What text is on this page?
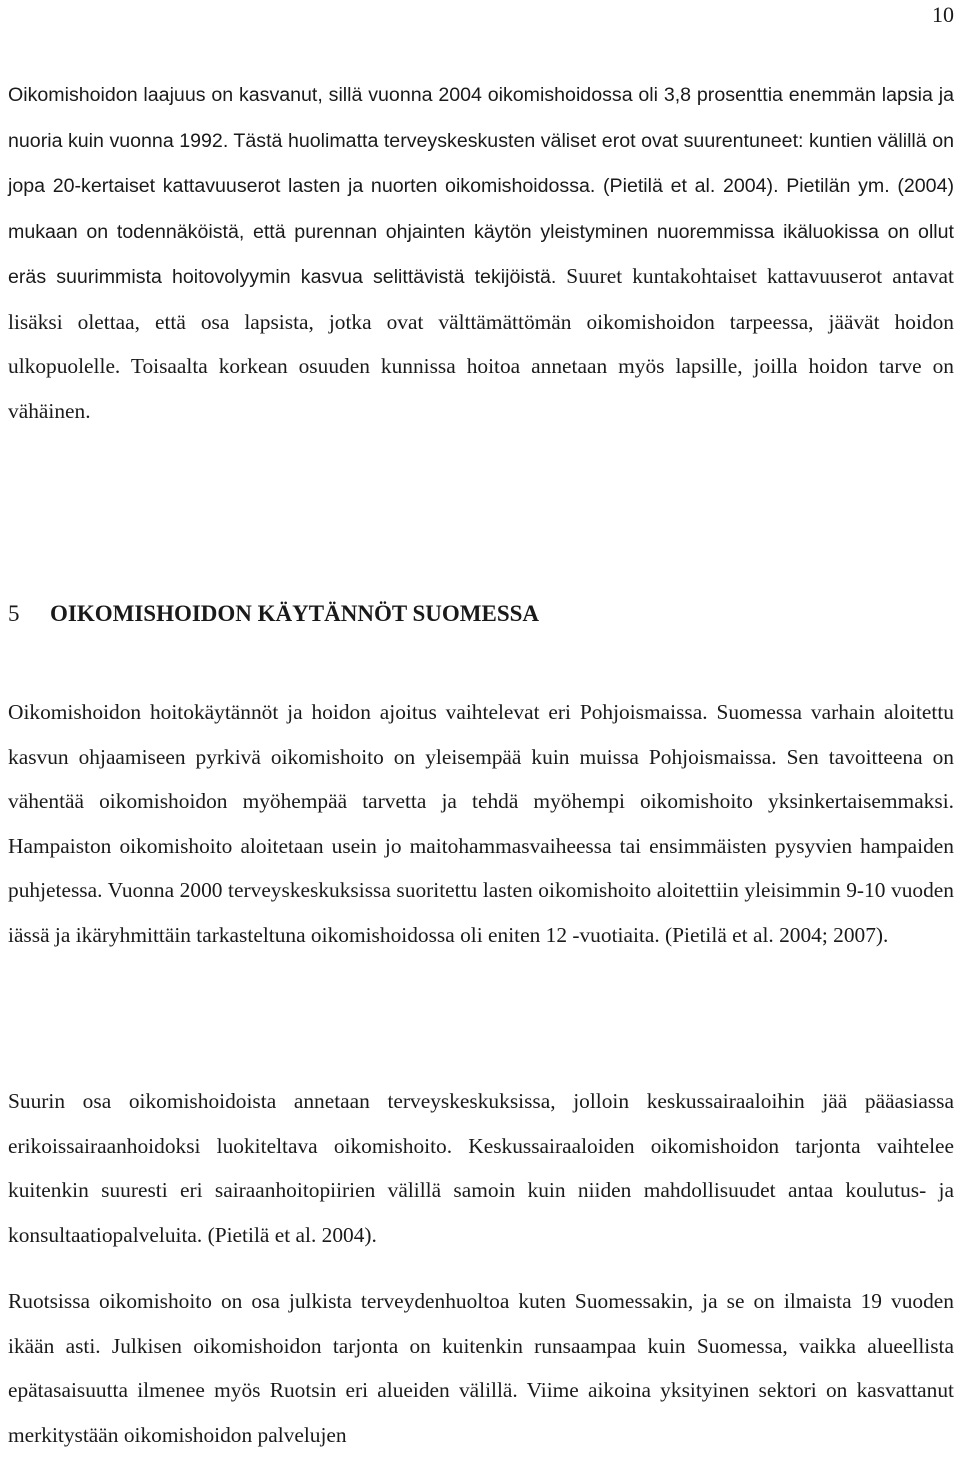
10

Oikomishoidon laajuus on kasvanut, sillä vuonna 2004 oikomishoidossa oli 3,8 prosenttia enemmän lapsia ja nuoria kuin vuonna 1992. Tästä huolimatta terveyskeskusten väliset erot ovat suurentuneet: kuntien välillä on jopa 20-kertaiset kattavuuserot lasten ja nuorten oikomishoidossa. (Pietilä et al. 2004). Pietilän ym. (2004) mukaan on todennäköistä, että purennan ohjainten käytön yleistyminen nuoremmissa ikäluokissa on ollut eräs suurimmista hoitovolyymin kasvua selittävistä tekijöistä. Suuret kuntakohtaiset kattavuuserot antavat lisäksi olettaa, että osa lapsista, jotka ovat välttämättömän oikomishoidon tarpeessa, jäävät hoidon ulkopuolelle. Toisaalta korkean osuuden kunnissa hoitoa annetaan myös lapsille, joilla hoidon tarve on vähäinen.

5	OIKOMISHOIDON KÄYTÄNNÖT SUOMESSA

Oikomishoidon hoitokäytännöt ja hoidon ajoitus vaihtelevat eri Pohjoismaissa. Suomessa varhain aloitettu kasvun ohjaamiseen pyrkivä oikomishoito on yleisempää kuin muissa Pohjoismaissa. Sen tavoitteena on vähentää oikomishoidon myöhempää tarvetta ja tehdä myöhempi oikomishoito yksinkertaisemmaksi. Hampaiston oikomishoito aloitetaan usein jo maitohammasvaiheessa tai ensimmäisten pysyvien hampaiden puhjetessa. Vuonna 2000 terveyskeskuksissa suoritettu lasten oikomishoito aloitettiin yleisimmin 9-10 vuoden iässä ja ikäryhmittäin tarkasteltuna oikomishoidossa oli eniten 12 -vuotiaita. (Pietilä et al. 2004; 2007).

Suurin osa oikomishoidoista annetaan terveyskeskuksissa, jolloin keskussairaaloihin jää pääasiassa erikoissairaanhoidoksi luokiteltava oikomishoito. Keskussairaaloiden oikomishoidon tarjonta vaihtelee kuitenkin suuresti eri sairaanhoitopiirien välillä samoin kuin niiden mahdollisuudet antaa koulutus- ja konsultaatiopalveluita. (Pietilä et al. 2004).

Ruotsissa oikomishoito on osa julkista terveydenhuoltoa kuten Suomessakin, ja se on ilmaista 19 vuoden ikään asti. Julkisen oikomishoidon tarjonta on kuitenkin runsaampaa kuin Suomessa, vaikka alueellista epätasaisuutta ilmenee myös Ruotsin eri alueiden välillä. Viime aikoina yksityinen sektori on kasvattanut merkitystään oikomishoidon palvelujen
